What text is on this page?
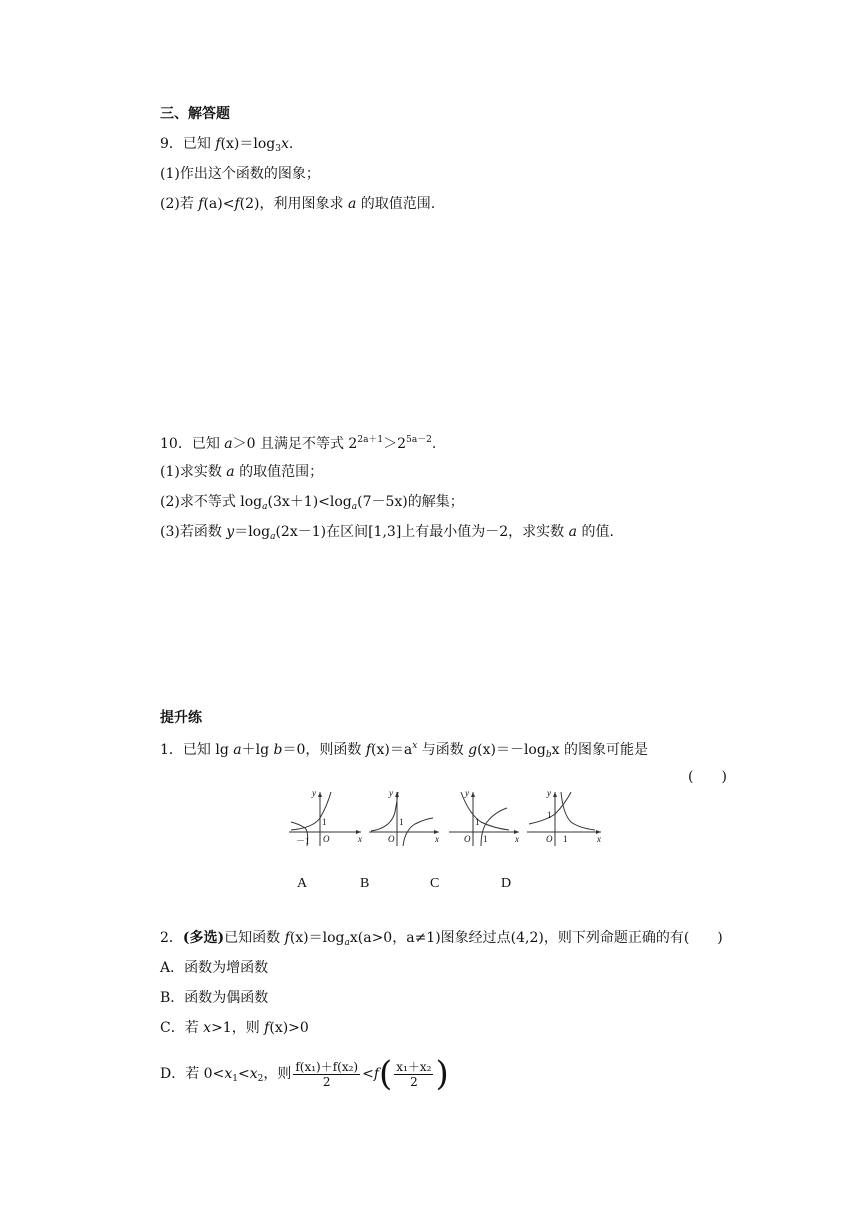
三、解答题
9．已知 $f(x)=\log_3x$.
(1)作出这个函数的图象；
(2)若 f(a)<f(2)，利用图象求 a 的取值范围.
10．已知 a＞0 且满足不等式 $2^{2a+1}>2^{5a-2}$.
(1)求实数 a 的取值范围；
(2)求不等式 $\log_a(3x+1)<\log_a(7-5x)$的解集；
(3)若函数 $y=\log_a(2x-1)$在区间[1,3]上有最小值为－2，求实数 a 的值.
提升练
1．已知 lg a＋lg b＝0，则函数 $f(x)=a^x$ 与函数 $g(x)=-\log_bx$ 的图象可能是
(　　)
y
x
O
1
－1
y
x
O
1
y
x
O
1
1
y
x
O
1
1
A	B	C	D
2．(多选)已知函数 $f(x)=\log_ax(a>0$，a≠1)图象经过点(4,2)，则下列命题正确的有(　　)
A．函数为增函数
B．函数为偶函数
C．若 x>1，则 f(x)>0
D．若 $0<x_1<x_2$，则 $\frac{\text{f(x₁)＋f(x₂)}}{2} <f( \frac{\text{x₁＋x₂}}{2}$ )
